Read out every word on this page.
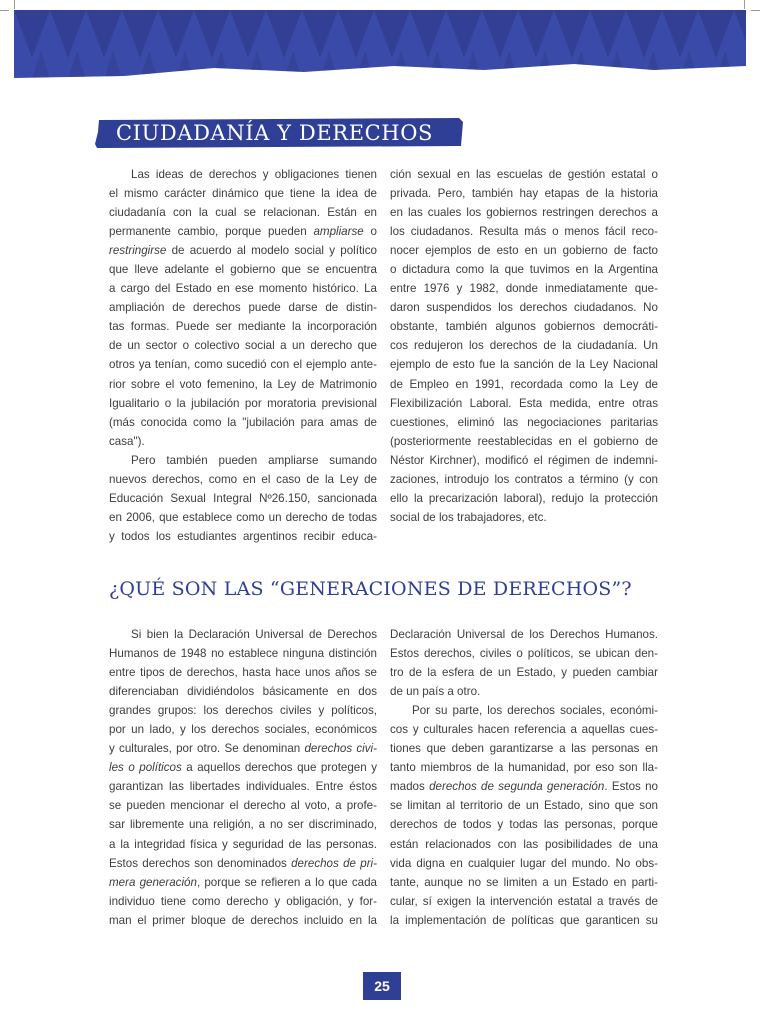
CIUDADANÍA Y DERECHOS
Las ideas de derechos y obligaciones tienen
el mismo carácter dinámico que tiene la idea de
ciudadanía con la cual se relacionan. Están en
permanente cambio, porque pueden ampliarse o
restringirse de acuerdo al modelo social y político
que lleve adelante el gobierno que se encuentra
a cargo del Estado en ese momento histórico. La
ampliación de derechos puede darse de distin-
tas formas. Puede ser mediante la incorporación
de un sector o colectivo social a un derecho que
otros ya tenían, como sucedió con el ejemplo ante-
rior sobre el voto femenino, la Ley de Matrimonio
Igualitario o la jubilación por moratoria previsional
(más conocida como la "jubilación para amas de
casa").
Pero también pueden ampliarse sumando
nuevos derechos, como en el caso de la Ley de
Educación Sexual Integral Nº26.150, sancionada
en 2006, que establece como un derecho de todas
y todos los estudiantes argentinos recibir educa-
ción sexual en las escuelas de gestión estatal o
privada. Pero, también hay etapas de la historia
en las cuales los gobiernos restringen derechos a
los ciudadanos. Resulta más o menos fácil reco-
nocer ejemplos de esto en un gobierno de facto
o dictadura como la que tuvimos en la Argentina
entre 1976 y 1982, donde inmediatamente que-
daron suspendidos los derechos ciudadanos. No
obstante, también algunos gobiernos democráti-
cos redujeron los derechos de la ciudadanía. Un
ejemplo de esto fue la sanción de la Ley Nacional
de Empleo en 1991, recordada como la Ley de
Flexibilización Laboral. Esta medida, entre otras
cuestiones, eliminó las negociaciones paritarias
(posteriormente reestablecidas en el gobierno de
Néstor Kirchner), modificó el régimen de indemni-
zaciones, introdujo los contratos a término (y con
ello la precarización laboral), redujo la protección
social de los trabajadores, etc.
¿QUÉ SON LAS “GENERACIONES DE DERECHOS”?
Si bien la Declaración Universal de Derechos
Humanos de 1948 no establece ninguna distinción
entre tipos de derechos, hasta hace unos años se
diferenciaban dividiéndolos básicamente en dos
grandes grupos: los derechos civiles y políticos,
por un lado, y los derechos sociales, económicos
y culturales, por otro. Se denominan derechos civi-
les o políticos a aquellos derechos que protegen y
garantizan las libertades individuales. Entre éstos
se pueden mencionar el derecho al voto, a profe-
sar libremente una religión, a no ser discriminado,
a la integridad física y seguridad de las personas.
Estos derechos son denominados derechos de pri-
mera generación, porque se refieren a lo que cada
individuo tiene como derecho y obligación, y for-
man el primer bloque de derechos incluido en la
Declaración Universal de los Derechos Humanos.
Estos derechos, civiles o políticos, se ubican den-
tro de la esfera de un Estado, y pueden cambiar
de un país a otro.
Por su parte, los derechos sociales, económi-
cos y culturales hacen referencia a aquellas cues-
tiones que deben garantizarse a las personas en
tanto miembros de la humanidad, por eso son lla-
mados derechos de segunda generación. Estos no
se limitan al territorio de un Estado, sino que son
derechos de todos y todas las personas, porque
están relacionados con las posibilidades de una
vida digna en cualquier lugar del mundo. No obs-
tante, aunque no se limiten a un Estado en parti-
cular, sí exigen la intervención estatal a través de
la implementación de políticas que garanticen su
25
